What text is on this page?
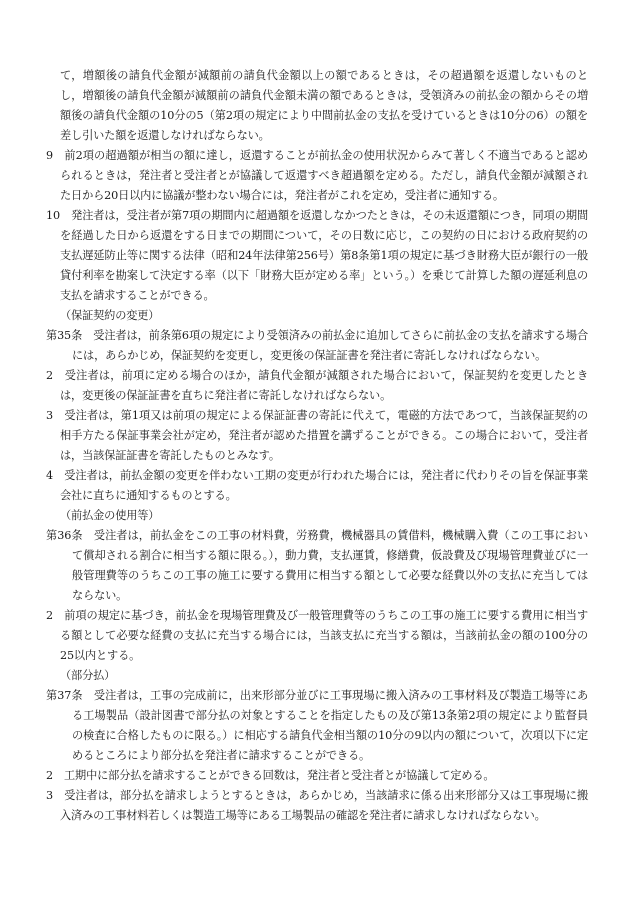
て，増額後の請負代金額が減額前の請負代金額以上の額であるときは，その超過額を返還しないものとし，増額後の請負代金額が減額前の請負代金額未満の額であるときは，受領済みの前払金の額からその増額後の請負代金額の10分の5（第2項の規定により中間前払金の支払を受けているときは10分の6）の額を差し引いた額を返還しなければならない。

9　前2項の超過額が相当の額に達し，返還することが前払金の使用状況からみて著しく不適当であると認められるときは，発注者と受注者とが協議して返還すべき超過額を定める。ただし，請負代金額が減額された日から20日以内に協議が整わない場合には，発注者がこれを定め，受注者に通知する。

10　発注者は，受注者が第7項の期間内に超過額を返還しなかつたときは，その未返還額につき，同項の期間を経過した日から返還をする日までの期間について，その日数に応じ，この契約の日における政府契約の支払遅延防止等に関する法律（昭和24年法律第256号）第8条第1項の規定に基づき財務大臣が銀行の一般貸付利率を勘案して決定する率（以下「財務大臣が定める率」という。）を乗じて計算した額の遅延利息の支払を請求することができる。

（保証契約の変更）

第35条　受注者は，前条第6項の規定により受領済みの前払金に追加してさらに前払金の支払を請求する場合には，あらかじめ，保証契約を変更し，変更後の保証証書を発注者に寄託しなければならない。

2　受注者は，前項に定める場合のほか，請負代金額が減額された場合において，保証契約を変更したときは，変更後の保証証書を直ちに発注者に寄託しなければならない。

3　受注者は，第1項又は前項の規定による保証証書の寄託に代えて，電磁的方法であつて，当該保証契約の相手方たる保証事業会社が定め，発注者が認めた措置を講ずることができる。この場合において，受注者は，当該保証証書を寄託したものとみなす。

4　受注者は，前払金額の変更を伴わない工期の変更が行われた場合には，発注者に代わりその旨を保証事業会社に直ちに通知するものとする。

（前払金の使用等）

第36条　受注者は，前払金をこの工事の材料費，労務費，機械器具の賃借料，機械購入費（この工事において償却される割合に相当する額に限る。），動力費，支払運賃，修繕費，仮設費及び現場管理費並びに一般管理費等のうちこの工事の施工に要する費用に相当する額として必要な経費以外の支払に充当してはならない。

2　前項の規定に基づき，前払金を現場管理費及び一般管理費等のうちこの工事の施工に要する費用に相当する額として必要な経費の支払に充当する場合には，当該支払に充当する額は，当該前払金の額の100分の25以内とする。

（部分払）

第37条　受注者は，工事の完成前に，出来形部分並びに工事現場に搬入済みの工事材料及び製造工場等にある工場製品（設計図書で部分払の対象とすることを指定したもの及び第13条第2項の規定により監督員の検査に合格したものに限る。）に相応する請負代金相当額の10分の9以内の額について，次項以下に定めるところにより部分払を発注者に請求することができる。

2　工期中に部分払を請求することができる回数は，発注者と受注者とが協議して定める。

3　受注者は，部分払を請求しようとするときは，あらかじめ，当該請求に係る出来形部分又は工事現場に搬入済みの工事材料若しくは製造工場等にある工場製品の確認を発注者に請求しなければならない。
